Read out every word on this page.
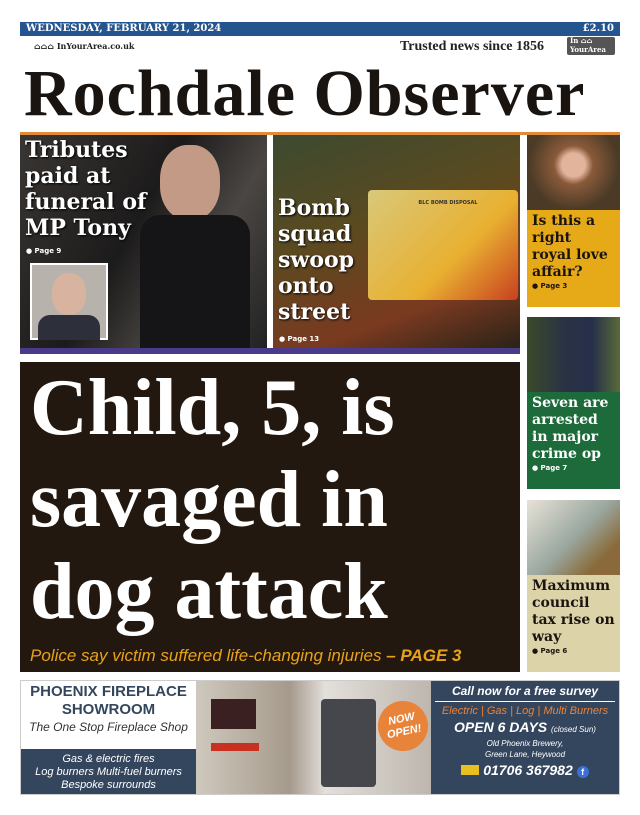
WEDNESDAY, FEBRUARY 21, 2024	£2.10
⌂⌂⌂ InYourArea.co.uk
Rochdale Observer
Trusted news since 1856	In ⌂⌂
YourArea
Tributes
paid at
funeral of
MP Tony
● Page 9
BLC BOMB DISPOSAL
Bomb
squad
swoop
onto
street
● Page 13
Child, 5, is
savaged in
dog attack
Police say victim suffered life-changing injuries – PAGE 3
Is this a right royal love affair?
● Page 3
Seven are arrested in major crime op
● Page 7
Maximum council tax rise on way
● Page 6
PHOENIX FIREPLACE
SHOWROOM
The One Stop Fireplace Shop
Gas & electric fires
Log burners Multi-fuel burners
Bespoke surrounds
NOW OPEN!
Call now for a free survey
Electric | Gas | Log | Multi Burners
OPEN 6 DAYS (closed Sun)
Old Phoenix Brewery,
Green Lane, Heywood
01706 367982 f
